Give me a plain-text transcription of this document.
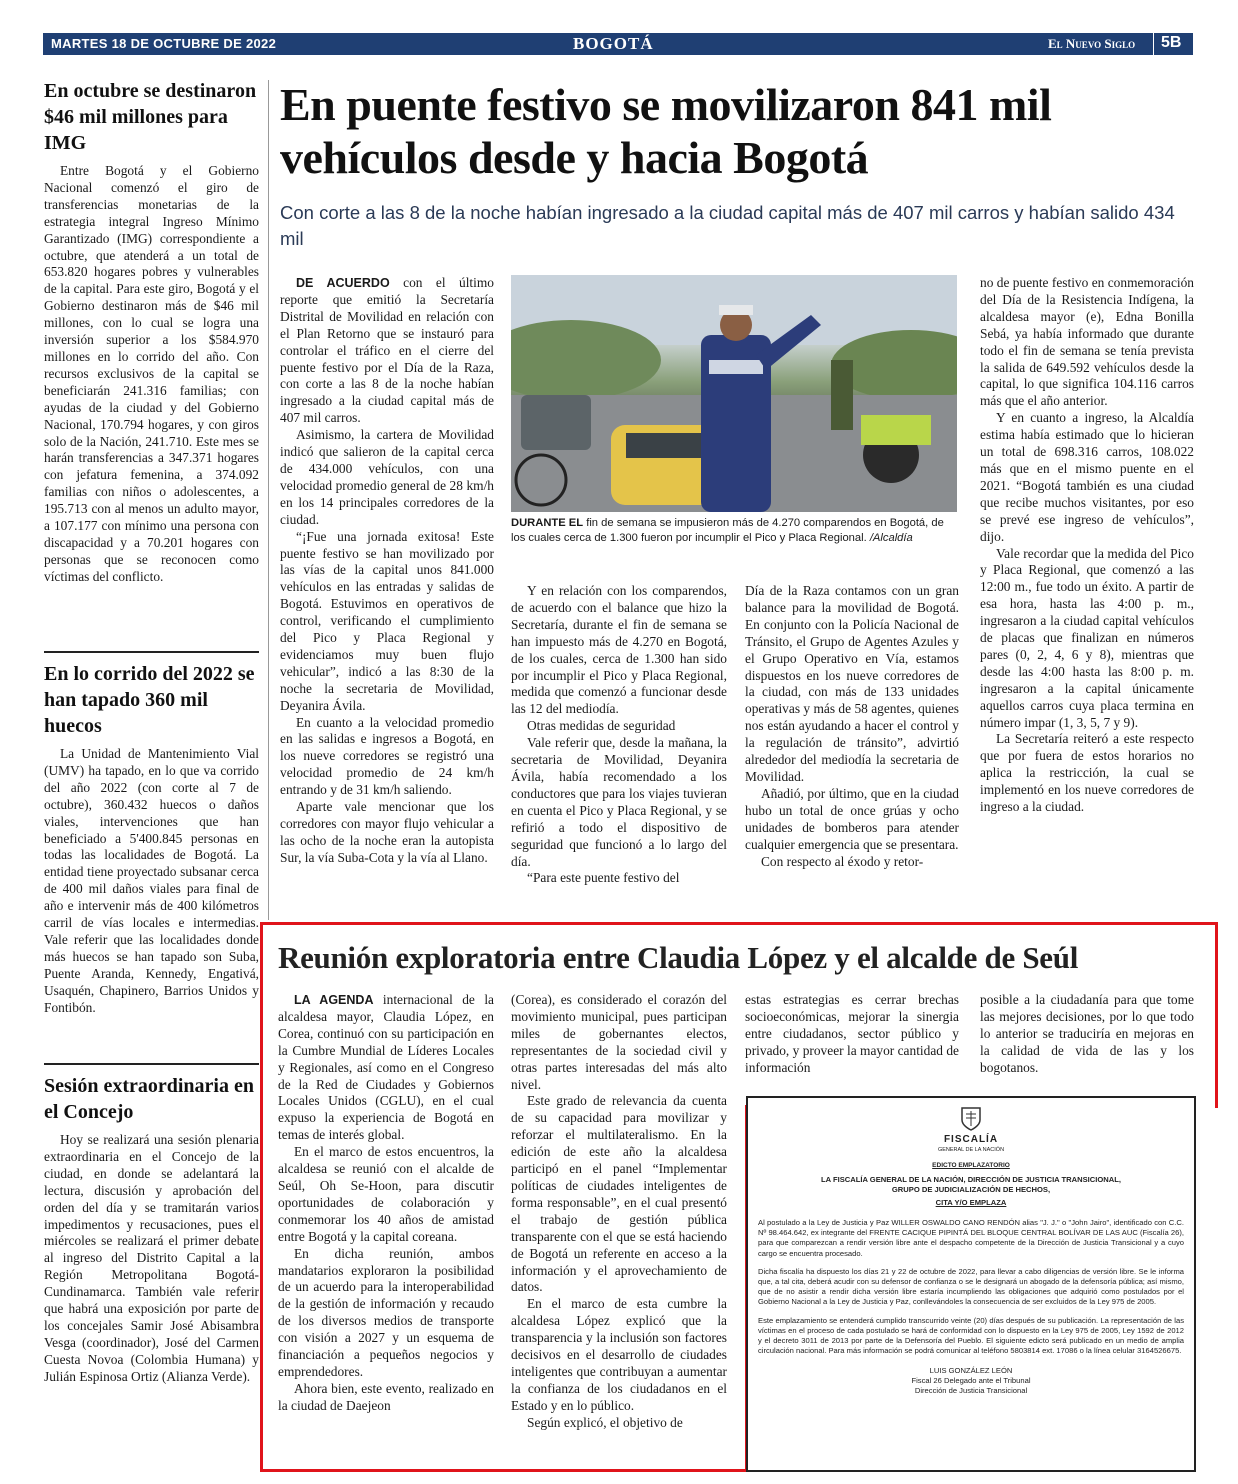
MARTES 18 DE OCTUBRE DE 2022	BOGOTÁ	El Nuevo Siglo 5B
En octubre se destinaron $46 mil millones para IMG

Entre Bogotá y el Gobierno Nacional comenzó el giro de transferencias monetarias de la estrategia integral Ingreso Mínimo Garantizado (IMG) correspondiente a octubre, que atenderá a un total de 653.820 hogares pobres y vulnerables de la capital. Para este giro, Bogotá y el Gobierno destinaron más de $46 mil millones, con lo cual se logra una inversión superior a los $584.970 millones en lo corrido del año. Con recursos exclusivos de la capital se beneficiarán 241.316 familias; con ayudas de la ciudad y del Gobierno Nacional, 170.794 hogares, y con giros solo de la Nación, 241.710. Este mes se harán transferencias a 347.371 hogares con jefatura femenina, a 374.092 familias con niños o adolescentes, a 195.713 con al menos un adulto mayor, a 107.177 con mínimo una persona con discapacidad y a 70.201 hogares con personas que se reconocen como víctimas del conflicto.

En lo corrido del 2022 se han tapado 360 mil huecos

La Unidad de Mantenimiento Vial (UMV) ha tapado, en lo que va corrido del año 2022 (con corte al 7 de octubre), 360.432 huecos o daños viales, intervenciones que han beneficiado a 5'400.845 personas en todas las localidades de Bogotá. La entidad tiene proyectado subsanar cerca de 400 mil daños viales para final de año e intervenir más de 400 kilómetros carril de vías locales e intermedias. Vale referir que las localidades donde más huecos se han tapado son Suba, Puente Aranda, Kennedy, Engativá, Usaquén, Chapinero, Barrios Unidos y Fontibón.

Sesión extraordinaria en el Concejo

Hoy se realizará una sesión plenaria extraordinaria en el Concejo de la ciudad, en donde se adelantará la lectura, discusión y aprobación del orden del día y se tramitarán varios impedimentos y recusaciones, pues el miércoles se realizará el primer debate al ingreso del Distrito Capital a la Región Metropolitana Bogotá-Cundinamarca. También vale referir que habrá una exposición por parte de los concejales Samir José Abisambra Vesga (coordinador), José del Carmen Cuesta Novoa (Colombia Humana) y Julián Espinosa Ortiz (Alianza Verde).

En puente festivo se movilizaron 841 mil vehículos desde y hacia Bogotá

Con corte a las 8 de la noche habían ingresado a la ciudad capital más de 407 mil carros y habían salido 434 mil

DE ACUERDO con el último reporte que emitió la Secretaría Distrital de Movilidad en relación con el Plan Retorno que se instauró para controlar el tráfico en el cierre del puente festivo por el Día de la Raza, con corte a las 8 de la noche habían ingresado a la ciudad capital más de 407 mil carros.

Asimismo, la cartera de Movilidad indicó que salieron de la capital cerca de 434.000 vehículos, con una velocidad promedio general de 28 km/h en los 14 principales corredores de la ciudad.

“¡Fue una jornada exitosa! Este puente festivo se han movilizado por las vías de la capital unos 841.000 vehículos en las entradas y salidas de Bogotá. Estuvimos en operativos de control, verificando el cumplimiento del Pico y Placa Regional y evidenciamos muy buen flujo vehicular”, indicó a las 8:30 de la noche la secretaria de Movilidad, Deyanira Ávila.

En cuanto a la velocidad promedio en las salidas e ingresos a Bogotá, en los nueve corredores se registró una velocidad promedio de 24 km/h entrando y de 31 km/h saliendo.

Aparte vale mencionar que los corredores con mayor flujo vehicular a las ocho de la noche eran la autopista Sur, la vía Suba-Cota y la vía al Llano.

DURANTE EL fin de semana se impusieron más de 4.270 comparendos en Bogotá, de los cuales cerca de 1.300 fueron por incumplir el Pico y Placa Regional. /Alcaldía

Y en relación con los comparendos, de acuerdo con el balance que hizo la Secretaría, durante el fin de semana se han impuesto más de 4.270 en Bogotá, de los cuales, cerca de 1.300 han sido por incumplir el Pico y Placa Regional, medida que comenzó a funcionar desde las 12 del mediodía.

Otras medidas de seguridad

Vale referir que, desde la mañana, la secretaria de Movilidad, Deyanira Ávila, había recomendado a los conductores que para los viajes tuvieran en cuenta el Pico y Placa Regional, y se refirió a todo el dispositivo de seguridad que funcionó a lo largo del día.

“Para este puente festivo del

Día de la Raza contamos con un gran balance para la movilidad de Bogotá. En conjunto con la Policía Nacional de Tránsito, el Grupo de Agentes Azules y el Grupo Operativo en Vía, estamos dispuestos en los nueve corredores de la ciudad, con más de 133 unidades operativas y más de 58 agentes, quienes nos están ayudando a hacer el control y la regulación de tránsito”, advirtió alrededor del mediodía la secretaria de Movilidad.

Añadió, por último, que en la ciudad hubo un total de once grúas y ocho unidades de bomberos para atender cualquier emergencia que se presentara.

Con respecto al éxodo y retor-

no de puente festivo en conmemoración del Día de la Resistencia Indígena, la alcaldesa mayor (e), Edna Bonilla Sebá, ya había informado que durante todo el fin de semana se tenía prevista la salida de 649.592 vehículos desde la capital, lo que significa 104.116 carros más que el año anterior.

Y en cuanto a ingreso, la Alcaldía estima había estimado que lo hicieran un total de 698.316 carros, 108.022 más que en el mismo puente en el 2021. “Bogotá también es una ciudad que recibe muchos visitantes, por eso se prevé ese ingreso de vehículos”, dijo.

Vale recordar que la medida del Pico y Placa Regional, que comenzó a las 12:00 m., fue todo un éxito. A partir de esa hora, hasta las 4:00 p. m., ingresaron a la ciudad capital vehículos de placas que finalizan en números pares (0, 2, 4, 6 y 8), mientras que desde las 4:00 hasta las 8:00 p. m. ingresaron a la capital únicamente aquellos carros cuya placa termina en número impar (1, 3, 5, 7 y 9).

La Secretaría reiteró a este respecto que por fuera de estos horarios no aplica la restricción, la cual se implementó en los nueve corredores de ingreso a la ciudad.

Reunión exploratoria entre Claudia López y el alcalde de Seúl

LA AGENDA internacional de la alcaldesa mayor, Claudia López, en Corea, continuó con su participación en la Cumbre Mundial de Líderes Locales y Regionales, así como en el Congreso de la Red de Ciudades y Gobiernos Locales Unidos (CGLU), en el cual expuso la experiencia de Bogotá en temas de interés global.

En el marco de estos encuentros, la alcaldesa se reunió con el alcalde de Seúl, Oh Se-Hoon, para discutir oportunidades de colaboración y conmemorar los 40 años de amistad entre Bogotá y la capital coreana.

En dicha reunión, ambos mandatarios exploraron la posibilidad de un acuerdo para la interoperabilidad de la gestión de información y recaudo de los diversos medios de transporte con visión a 2027 y un esquema de financiación a pequeños negocios y emprendedores.

Ahora bien, este evento, realizado en la ciudad de Daejeon

(Corea), es considerado el corazón del movimiento municipal, pues participan miles de gobernantes electos, representantes de la sociedad civil y otras partes interesadas del más alto nivel.

Este grado de relevancia da cuenta de su capacidad para movilizar y reforzar el multilateralismo. En la edición de este año la alcaldesa participó en el panel “Implementar políticas de ciudades inteligentes de forma responsable”, en el cual presentó el trabajo de gestión pública transparente con el que se está haciendo de Bogotá un referente en acceso a la información y el aprovechamiento de datos.

En el marco de esta cumbre la alcaldesa López explicó que la transparencia y la inclusión son factores decisivos en el desarrollo de ciudades inteligentes que contribuyan a aumentar la confianza de los ciudadanos en el Estado y en lo público.

Según explicó, el objetivo de

estas estrategias es cerrar brechas socioeconómicas, mejorar la sinergia entre ciudadanos, sector público y privado, y proveer la mayor cantidad de información

posible a la ciudadanía para que tome las mejores decisiones, por lo que todo lo anterior se traduciría en mejoras en la calidad de vida de las y los bogotanos.

FISCALÍA
GENERAL DE LA NACIÓN
EDICTO EMPLAZATORIO
LA FISCALÍA GENERAL DE LA NACIÓN, DIRECCIÓN DE JUSTICIA TRANSICIONAL, GRUPO DE JUDICIALIZACIÓN DE HECHOS,
CITA Y/O EMPLAZA

Al postulado a la Ley de Justicia y Paz WILLER OSWALDO CANO RENDÓN alias "J. J." o "John Jairo", identificado con C.C. Nº 98.464.642, ex integrante del FRENTE CACIQUE PIPINTÁ DEL BLOQUE CENTRAL BOLÍVAR DE LAS AUC (Fiscalía 26), para que comparezcan a rendir versión libre ante el despacho competente de la Dirección de Justicia Transicional y a cuyo cargo se encuentra procesado.

Dicha fiscalía ha dispuesto los días 21 y 22 de octubre de 2022, para llevar a cabo diligencias de versión libre. Se le informa que, a tal cita, deberá acudir con su defensor de confianza o se le designará un abogado de la defensoría pública; así mismo, que de no asistir a rendir dicha versión libre estaría incumpliendo las obligaciones que adquirió como postulados por el Gobierno Nacional a la Ley de Justicia y Paz, conllevándoles la consecuencia de ser excluidos de la Ley 975 de 2005.

Este emplazamiento se entenderá cumplido transcurrido veinte (20) días después de su publicación. La representación de las víctimas en el proceso de cada postulado se hará de conformidad con lo dispuesto en la Ley 975 de 2005, Ley 1592 de 2012 y el decreto 3011 de 2013 por parte de la Defensoría del Pueblo. El siguiente edicto será publicado en un medio de amplia circulación nacional. Para más información se podrá comunicar al teléfono 5803814 ext. 17086 o la línea celular 3164526675.

LUIS GONZÁLEZ LEÓN
Fiscal 26 Delegado ante el Tribunal
Dirección de Justicia Transicional
